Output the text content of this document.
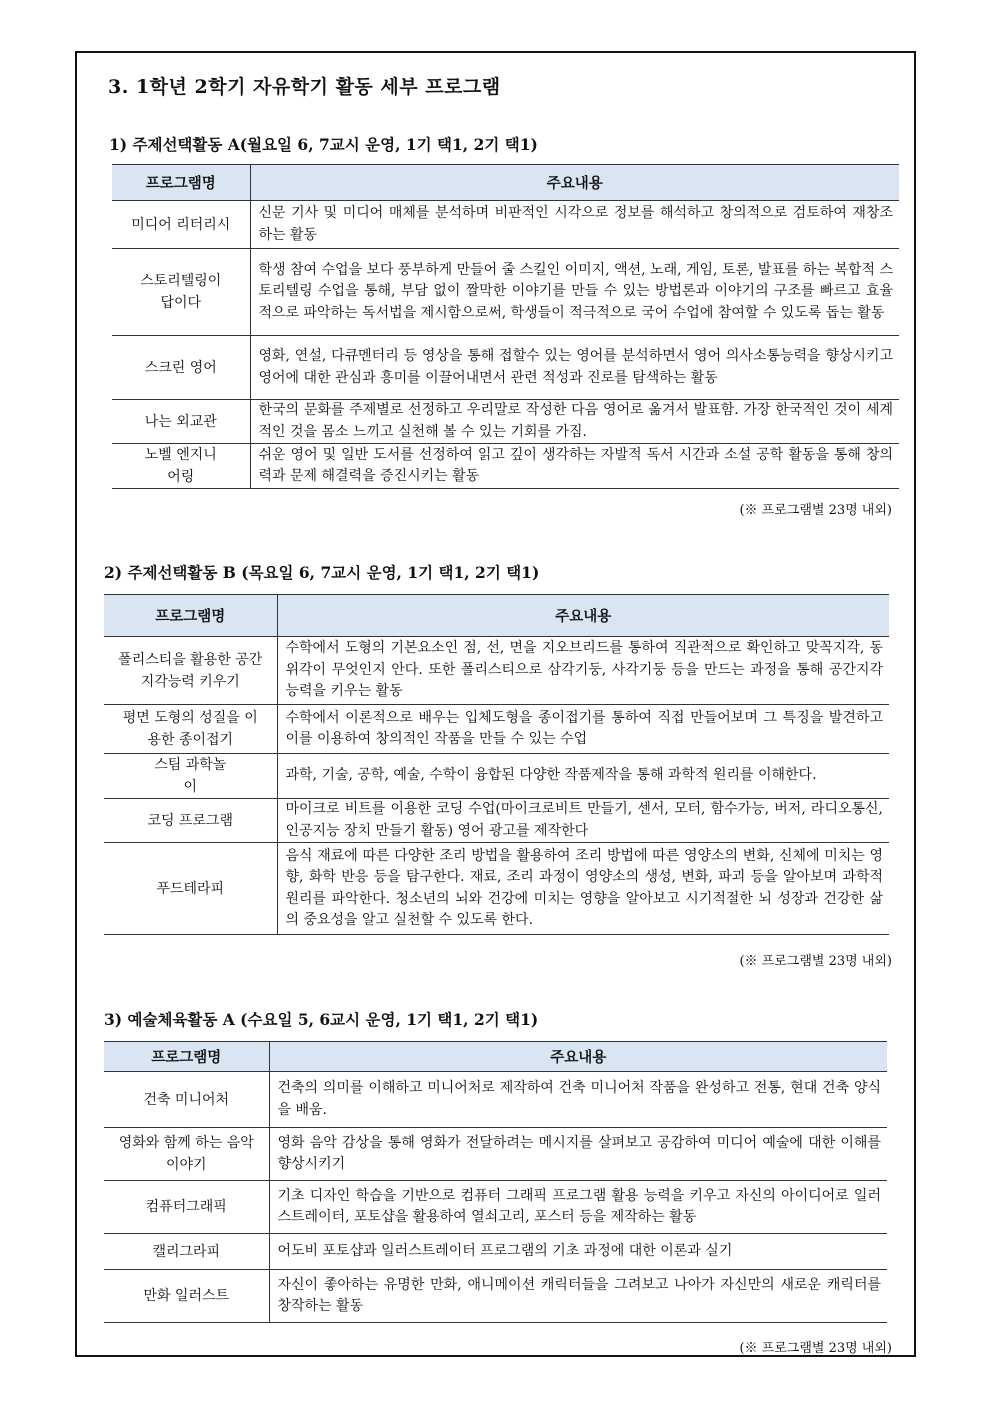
3. 1학년 2학기 자유학기 활동 세부 프로그램
1) 주제선택활동 A(월요일 6, 7교시 운영, 1기 택1, 2기 택1)
프로그램명	주요내용
미디어 리터리시	신문 기사 및 미디어 매체를 분석하며 비판적인 시각으로 정보를 해석하고 창의적으로 검토하여 재창조하는 활동
스토리텔링이 답이다	학생 참여 수업을 보다 풍부하게 만들어 줄 스킬인 이미지, 액션, 노래, 게임, 토론, 발표를 하는 복합적 스토리텔링 수업을 통해, 부담 없이 짤막한 이야기를 만들 수 있는 방법론과 이야기의 구조를 빠르고 효율적으로 파악하는 독서법을 제시함으로써, 학생들이 적극적으로 국어 수업에 참여할 수 있도록 돕는 활동
스크린 영어	영화, 연설, 다큐멘터리 등 영상을 통해 접할수 있는 영어를 분석하면서 영어 의사소통능력을 향상시키고 영어에 대한 관심과 흥미를 이끌어내면서 관련 적성과 진로를 탐색하는 활동
나는 외교관	한국의 문화를 주제별로 선정하고 우리말로 작성한 다음 영어로 옮겨서 발표함. 가장 한국적인 것이 세계적인 것을 몸소 느끼고 실천해 볼 수 있는 기회를 가짐.
노벨 엔지니어링	쉬운 영어 및 일반 도서를 선정하여 읽고 깊이 생각하는 자발적 독서 시간과 소설 공학 활동을 통해 창의력과 문제 해결력을 증진시키는 활동
(※ 프로그램별 23명 내외)
2) 주제선택활동 B (목요일 6, 7교시 운영, 1기 택1, 2기 택1)
프로그램명	주요내용
폴리스티을 활용한 공간지각능력 키우기	수학에서 도형의 기본요소인 점, 선, 면을 지오브리드를 통하여 직관적으로 확인하고 맞꼭지각, 동위각이 무엇인지 안다. 또한 폴리스티으로 삼각기둥, 사각기둥 등을 만드는 과정을 통해 공간지각능력을 키우는 활동
평면 도형의 성질을 이용한 종이접기	수학에서 이론적으로 배우는 입체도형을 종이접기를 통하여 직접 만들어보며 그 특징을 발견하고 이를 이용하여 창의적인 작품을 만들 수 있는 수업
스팀 과학놀이	과학, 기술, 공학, 예술, 수학이 융합된 다양한 작품제작을 통해 과학적 원리를 이해한다.
코딩 프로그램	마이크로 비트를 이용한 코딩 수업(마이크로비트 만들기, 센서, 모터, 함수가능, 버저, 라디오통신, 인공지능 장치 만들기 활동) 영어 광고를 제작한다
푸드테라피	음식 재료에 따른 다양한 조리 방법을 활용하여 조리 방법에 따른 영양소의 변화, 신체에 미치는 영향, 화학 반응 등을 탐구한다. 재료, 조리 과정이 영양소의 생성, 변화, 파괴 등을 알아보며 과학적 원리를 파악한다. 청소년의 뇌와 건강에 미치는 영향을 알아보고 시기적절한 뇌 성장과 건강한 삶의 중요성을 알고 실천할 수 있도록 한다.
(※ 프로그램별 23명 내외)
3) 예술체육활동 A (수요일 5, 6교시 운영, 1기 택1, 2기 택1)
프로그램명	주요내용
건축 미니어처	건축의 의미를 이해하고 미니어처로 제작하여 건축 미니어처 작품을 완성하고 전통, 현대 건축 양식을 배움.
영화와 함께 하는 음악 이야기	영화 음악 감상을 통해 영화가 전달하려는 메시지를 살펴보고 공감하여 미디어 예술에 대한 이해를 향상시키기
컴퓨터그래픽	기초 디자인 학습을 기반으로 컴퓨터 그래픽 프로그램 활용 능력을 키우고 자신의 아이디어로 일러스트레이터, 포토샵을 활용하여 열쇠고리, 포스터 등을 제작하는 활동
캘리그라피	어도비 포토샵과 일러스트레이터 프로그램의 기초 과정에 대한 이론과 실기
만화 일러스트	자신이 좋아하는 유명한 만화, 애니메이션 캐릭터들을 그려보고 나아가 자신만의 새로운 캐릭터를 창작하는 활동
(※ 프로그램별 23명 내외)
